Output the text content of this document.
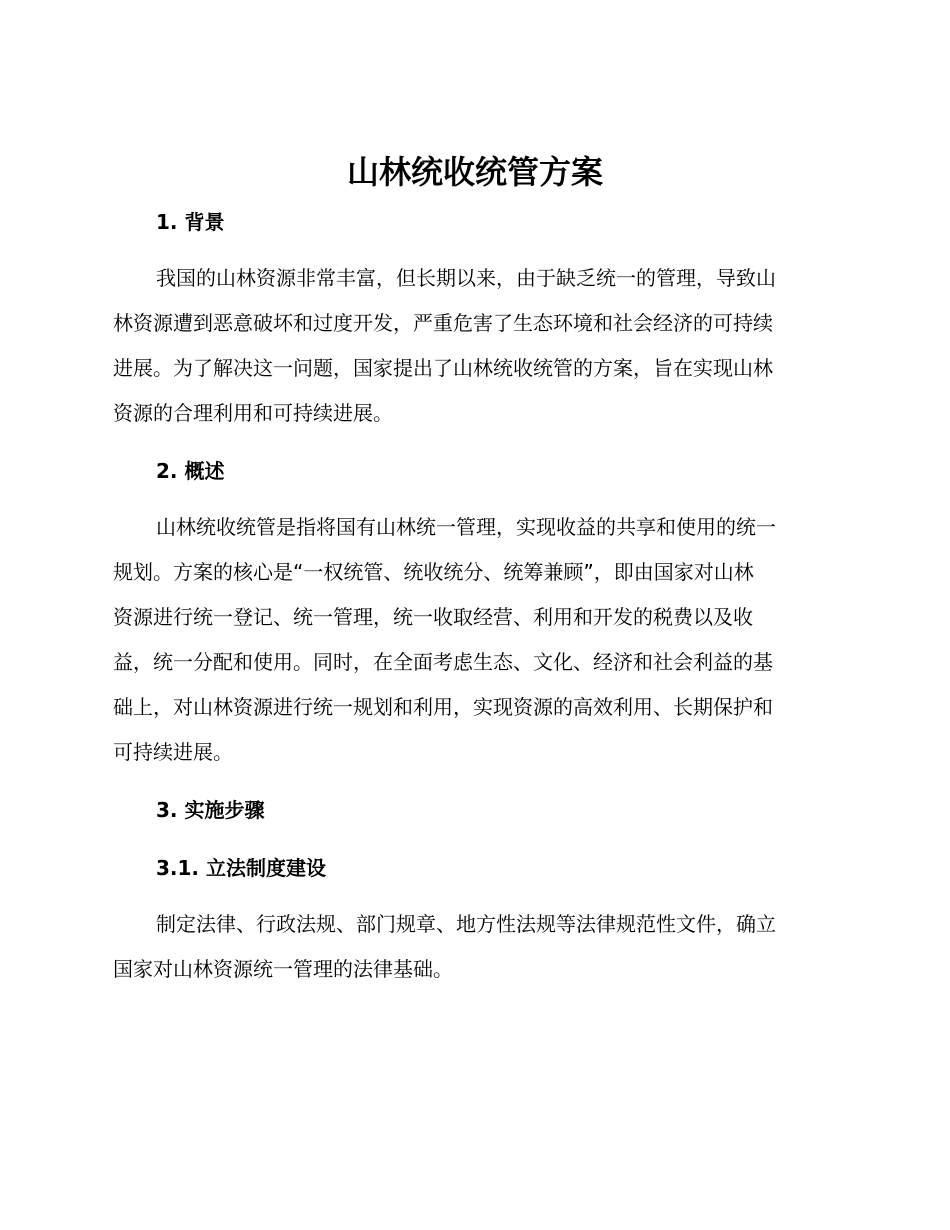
山林统收统管方案
1. 背景

我国的山林资源非常丰富，但长期以来，由于缺乏统一的管理，导致山
林资源遭到恶意破坏和过度开发，严重危害了生态环境和社会经济的可持续
进展。为了解决这一问题，国家提出了山林统收统管的方案，旨在实现山林
资源的合理利用和可持续进展。

2. 概述

山林统收统管是指将国有山林统一管理，实现收益的共享和使用的统一
规划。方案的核心是“一权统管、统收统分、统筹兼顾”，即由国家对山林
资源进行统一登记、统一管理，统一收取经营、利用和开发的税费以及收
益，统一分配和使用。同时，在全面考虑生态、文化、经济和社会利益的基
础上，对山林资源进行统一规划和利用，实现资源的高效利用、长期保护和
可持续进展。

3. 实施步骤
3.1. 立法制度建设

制定法律、行政法规、部门规章、地方性法规等法律规范性文件，确立
国家对山林资源统一管理的法律基础。
